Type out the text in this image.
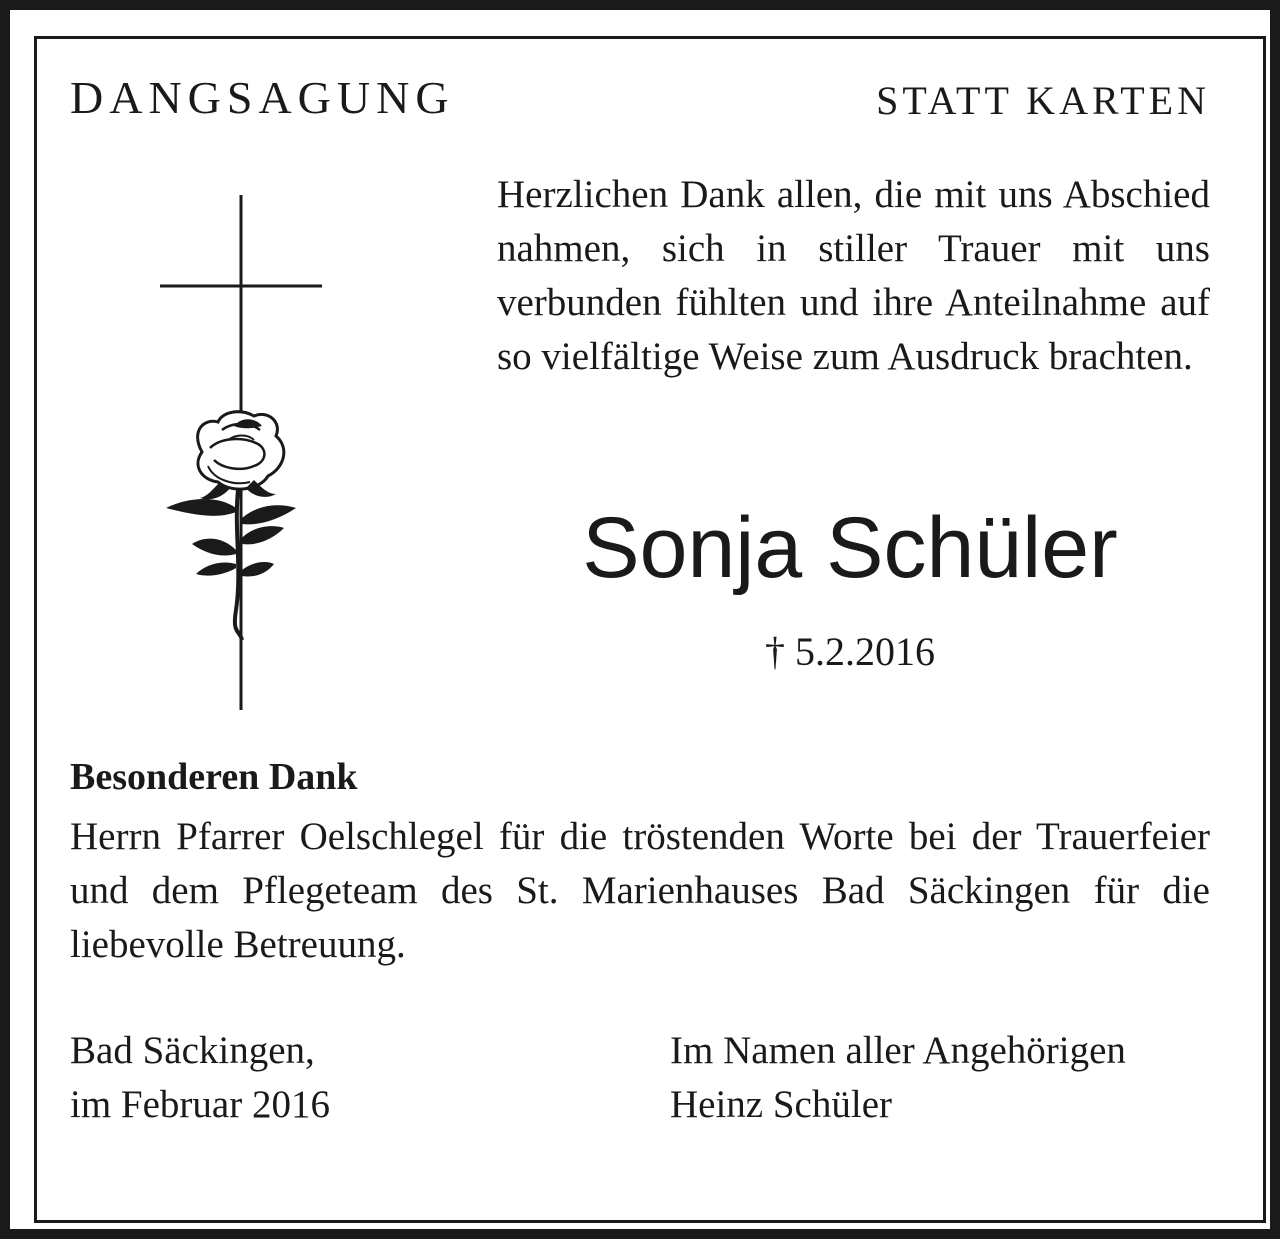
DANGSAGUNG	STATT KARTEN
Herzlichen Dank allen, die mit uns Abschied nahmen, sich in stiller Trauer mit uns verbunden fühlten und ihre Anteilnahme auf so vielfältige Weise zum Ausdruck brachten.
Sonja Schüler
† 5.2.2016
Besonderen Dank
Herrn Pfarrer Oelschlegel für die tröstenden Worte bei der Trauerfeier und dem Pflegeteam des St. Marienhauses Bad Säckingen für die liebevolle Betreuung.
Bad Säckingen,
im Februar 2016
Im Namen aller Angehörigen
Heinz Schüler
